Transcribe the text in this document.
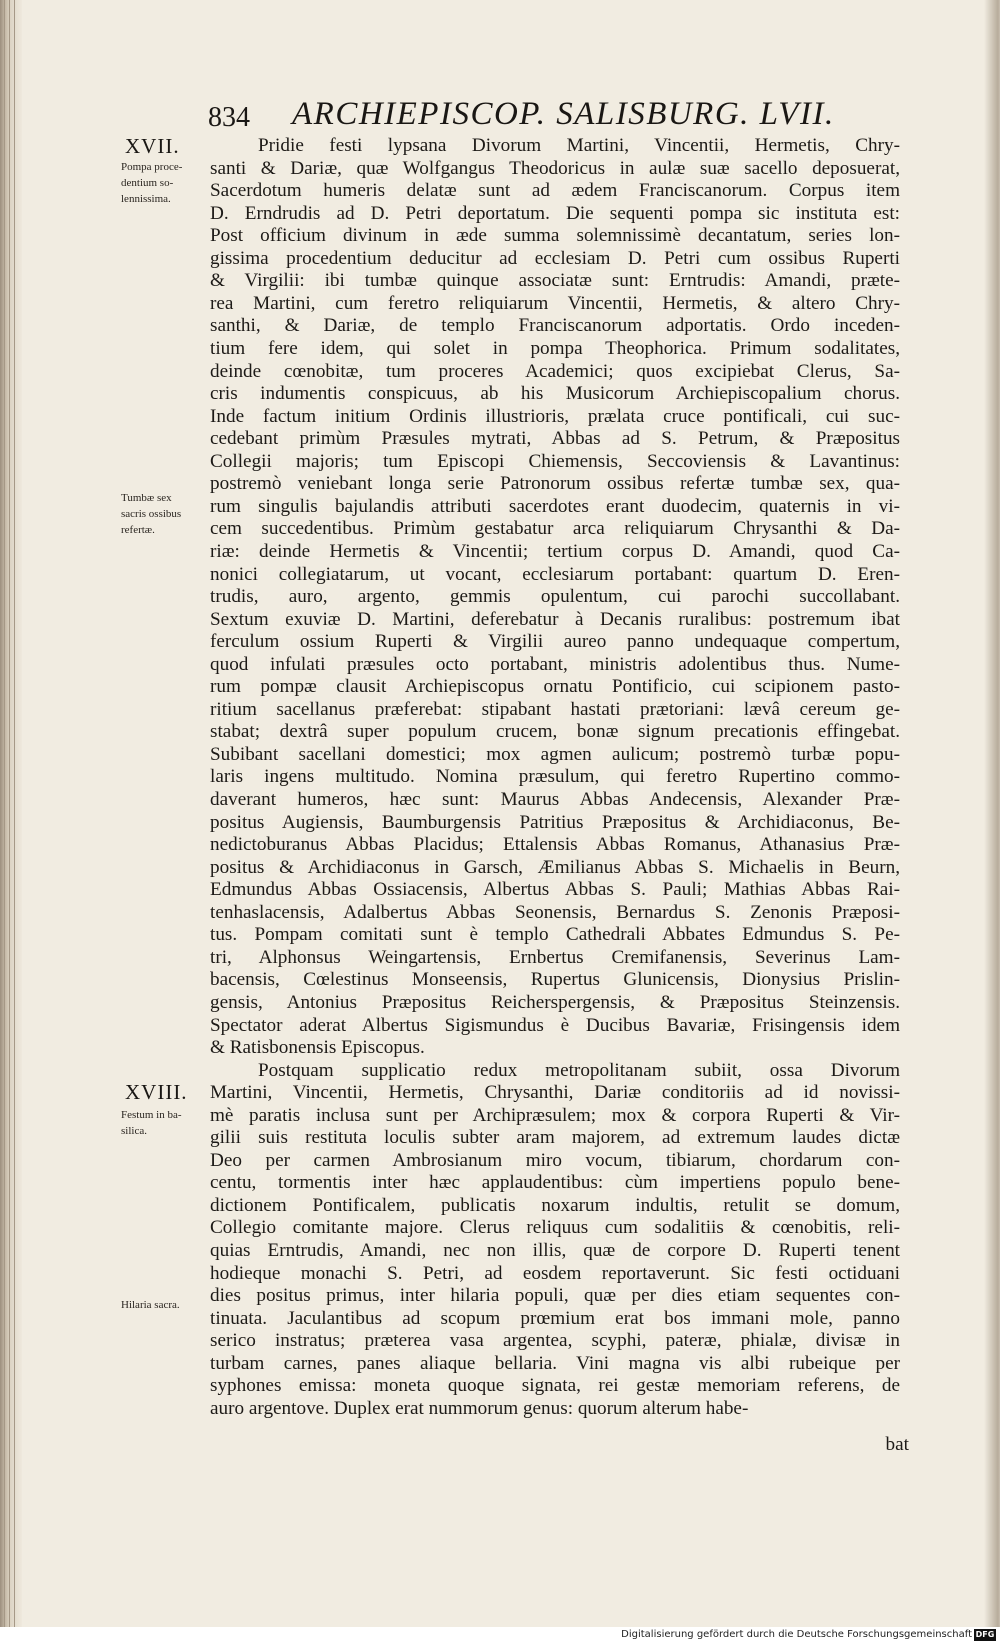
834 ARCHIEPISCOP. SALISBURG. LVII.
XVII.
XVIII.
Pompa proce-
dentium so-
lennissima.
Tumbæ sex
sacris ossibus
refertæ.
Festum in ba-
silica.
Hilaria sacra.
Pridie festi lypsana Divorum Martini, Vincentii, Hermetis, Chry-
santi & Dariæ, quæ Wolfgangus Theodoricus in aulæ suæ sacello deposuerat,
Sacerdotum humeris delatæ sunt ad ædem Franciscanorum. Corpus item
D. Erndrudis ad D. Petri deportatum. Die sequenti pompa sic instituta est:
Post officium divinum in æde summa solemnissimè decantatum, series lon-
gissima procedentium deducitur ad ecclesiam D. Petri cum ossibus Ruperti
& Virgilii: ibi tumbæ quinque associatæ sunt: Erntrudis: Amandi, præte-
rea Martini, cum feretro reliquiarum Vincentii, Hermetis, & altero Chry-
santhi, & Dariæ, de templo Franciscanorum adportatis. Ordo inceden-
tium fere idem, qui solet in pompa Theophorica. Primum sodalitates,
deinde cœnobitæ, tum proceres Academici; quos excipiebat Clerus, Sa-
cris indumentis conspicuus, ab his Musicorum Archiepiscopalium chorus.
Inde factum initium Ordinis illustrioris, prælata cruce pontificali, cui suc-
cedebant primùm Præsules mytrati, Abbas ad S. Petrum, & Præpositus
Collegii majoris; tum Episcopi Chiemensis, Seccoviensis & Lavantinus:
postremò veniebant longa serie Patronorum ossibus refertæ tumbæ sex, qua-
rum singulis bajulandis attributi sacerdotes erant duodecim, quaternis in vi-
cem succedentibus. Primùm gestabatur arca reliquiarum Chrysanthi & Da-
riæ: deinde Hermetis & Vincentii; tertium corpus D. Amandi, quod Ca-
nonici collegiatarum, ut vocant, ecclesiarum portabant: quartum D. Eren-
trudis, auro, argento, gemmis opulentum, cui parochi succollabant.
Sextum exuviæ D. Martini, deferebatur à Decanis ruralibus: postremum ibat
ferculum ossium Ruperti & Virgilii aureo panno undequaque compertum,
quod infulati præsules octo portabant, ministris adolentibus thus. Nume-
rum pompæ clausit Archiepiscopus ornatu Pontificio, cui scipionem pasto-
ritium sacellanus præferebat: stipabant hastati prætoriani: lævâ cereum ge-
stabat; dextrâ super populum crucem, bonæ signum precationis effingebat.
Subibant sacellani domestici; mox agmen aulicum; postremò turbæ popu-
laris ingens multitudo. Nomina præsulum, qui feretro Rupertino commo-
daverant humeros, hæc sunt: Maurus Abbas Andecensis, Alexander Præ-
positus Augiensis, Baumburgensis Patritius Præpositus & Archidiaconus, Be-
nedictoburanus Abbas Placidus; Ettalensis Abbas Romanus, Athanasius Præ-
positus & Archidiaconus in Garsch, Æmilianus Abbas S. Michaelis in Beurn,
Edmundus Abbas Ossiacensis, Albertus Abbas S. Pauli; Mathias Abbas Rai-
tenhaslacensis, Adalbertus Abbas Seonensis, Bernardus S. Zenonis Præposi-
tus. Pompam comitati sunt è templo Cathedrali Abbates Edmundus S. Pe-
tri, Alphonsus Weingartensis, Ernbertus Cremifanensis, Severinus Lam-
bacensis, Cœlestinus Monseensis, Rupertus Glunicensis, Dionysius Prislin-
gensis, Antonius Præpositus Reicherspergensis, & Præpositus Steinzensis.
Spectator aderat Albertus Sigismundus è Ducibus Bavariæ, Frisingensis idem
& Ratisbonensis Episcopus.
Postquam supplicatio redux metropolitanam subiit, ossa Divorum
Martini, Vincentii, Hermetis, Chrysanthi, Dariæ conditoriis ad id novissi-
mè paratis inclusa sunt per Archipræsulem; mox & corpora Ruperti & Vir-
gilii suis restituta loculis subter aram majorem, ad extremum laudes dictæ
Deo per carmen Ambrosianum miro vocum, tibiarum, chordarum con-
centu, tormentis inter hæc applaudentibus: cùm impertiens populo bene-
dictionem Pontificalem, publicatis noxarum indultis, retulit se domum,
Collegio comitante majore. Clerus reliquus cum sodalitiis & cœnobitis, reli-
quias Erntrudis, Amandi, nec non illis, quæ de corpore D. Ruperti tenent
hodieque monachi S. Petri, ad eosdem reportaverunt. Sic festi octiduani
dies positus primus, inter hilaria populi, quæ per dies etiam sequentes con-
tinuata. Jaculantibus ad scopum prœmium erat bos immani mole, panno
serico instratus; præterea vasa argentea, scyphi, pateræ, phialæ, divisæ in
turbam carnes, panes aliaque bellaria. Vini magna vis albi rubeique per
syphones emissa: moneta quoque signata, rei gestæ memoriam referens, de
auro argentove. Duplex erat nummorum genus: quorum alterum habe-
bat
Digitalisierung gefördert durch die Deutsche Forschungsgemeinschaft DFG
